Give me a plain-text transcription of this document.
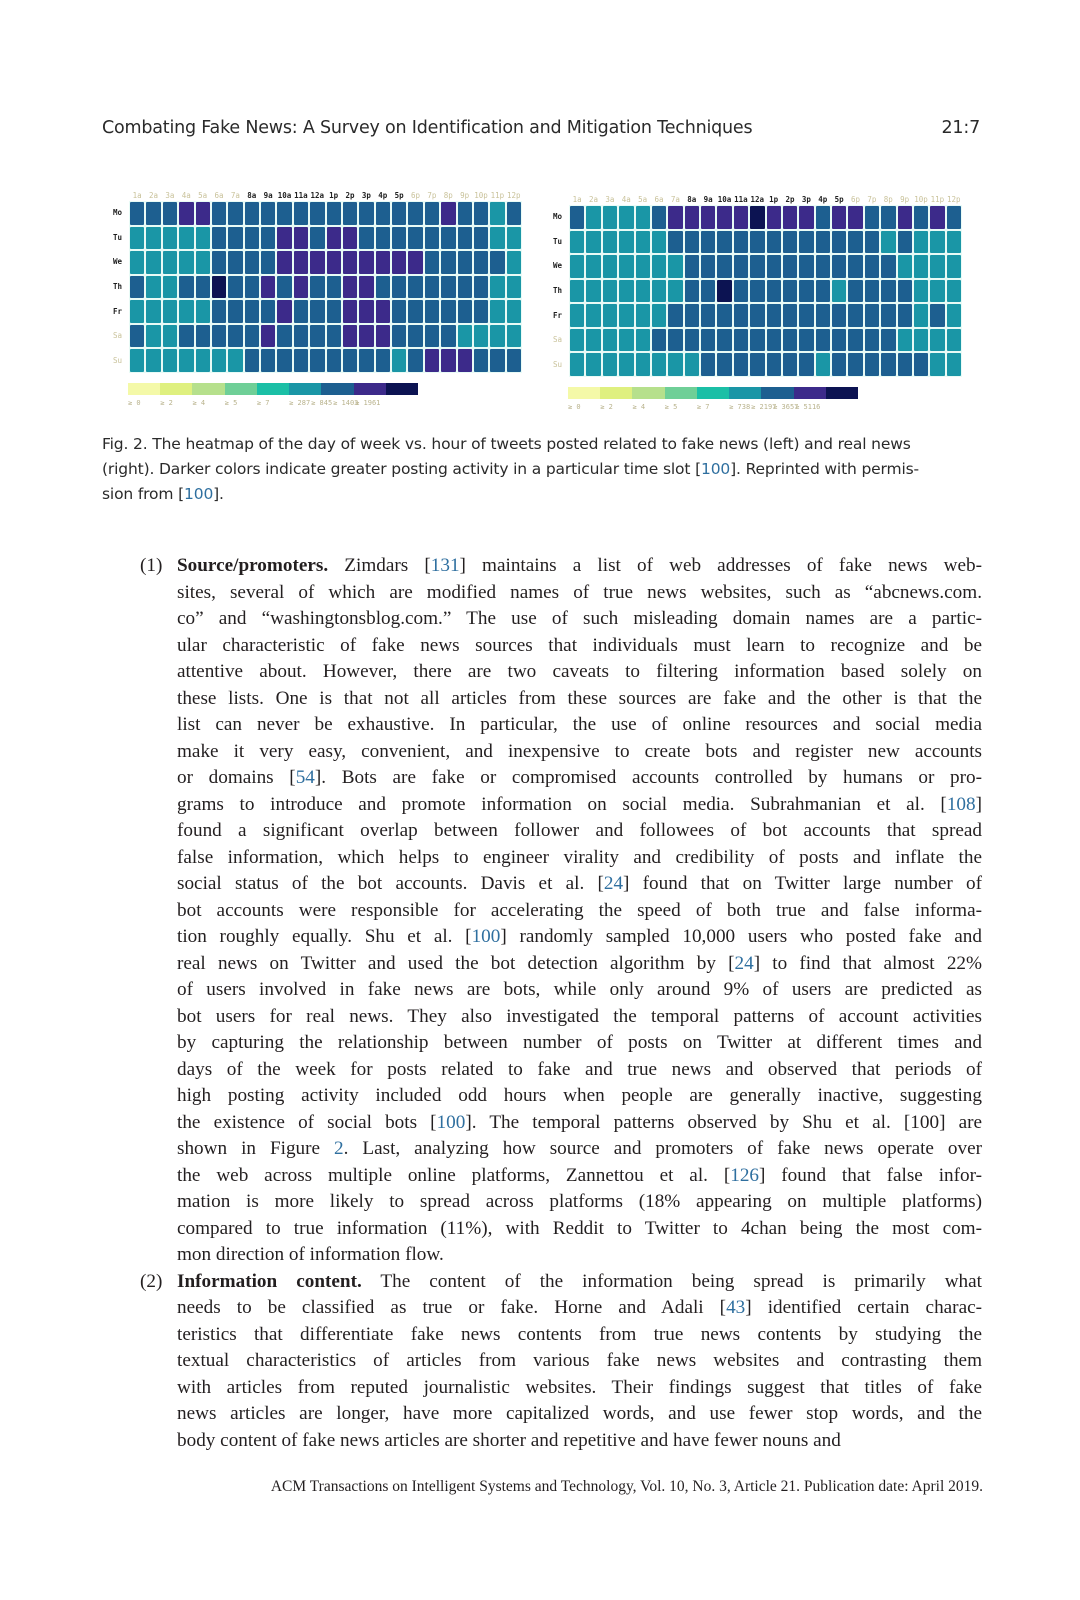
Combating Fake News: A Survey on Identification and Mitigation Techniques	21:7
1a 2a 3a 4a 5a 6a 7a 8a 9a 10a 11a 12a 1p 2p 3p 4p 5p 6p 7p 8p 9p 10p 11p 12p
Mo
Tu
We
Th
Fr
Sa
Su
≥ 0	≥ 2	≥ 4	≥ 5	≥ 7	≥ 287 ≥ 845 ≥ 1403
≥ 1961
1a 2a 3a 4a 5a 6a 7a 8a 9a 10a 11a 12a 1p 2p 3p 4p 5p 6p 7p 8p 9p 10p 11p 12p
Mo
Tu
We
Th
Fr
Sa
Su
≥ 0	≥ 2	≥ 4	≥ 5	≥ 7	≥ 738 ≥ 2197
≥ 3657
≥ 5116
Fig. 2. The heatmap of the day of week vs. hour of tweets posted related to fake news (left) and real news
(right). Darker colors indicate greater posting activity in a particular time slot [100]. Reprinted with permis-
sion from [100].
(1) Source/promoters. Zimdars [131] maintains a list of web addresses of fake news web-
sites, several of which are modified names of true news websites, such as “abcnews.com.
co” and “washingtonsblog.com.” The use of such misleading domain names are a partic-
ular characteristic of fake news sources that individuals must learn to recognize and be
attentive about. However, there are two caveats to filtering information based solely on
these lists. One is that not all articles from these sources are fake and the other is that the
list can never be exhaustive. In particular, the use of online resources and social media
make it very easy, convenient, and inexpensive to create bots and register new accounts
or domains [54]. Bots are fake or compromised accounts controlled by humans or pro-
grams to introduce and promote information on social media. Subrahmanian et al. [108]
found a significant overlap between follower and followees of bot accounts that spread
false information, which helps to engineer virality and credibility of posts and inflate the
social status of the bot accounts. Davis et al. [24] found that on Twitter large number of
bot accounts were responsible for accelerating the speed of both true and false informa-
tion roughly equally. Shu et al. [100] randomly sampled 10,000 users who posted fake and
real news on Twitter and used the bot detection algorithm by [24] to find that almost 22%
of users involved in fake news are bots, while only around 9% of users are predicted as
bot users for real news. They also investigated the temporal patterns of account activities
by capturing the relationship between number of posts on Twitter at different times and
days of the week for posts related to fake and true news and observed that periods of
high posting activity included odd hours when people are generally inactive, suggesting
the existence of social bots [100]. The temporal patterns observed by Shu et al. [100] are
shown in Figure 2. Last, analyzing how source and promoters of fake news operate over
the web across multiple online platforms, Zannettou et al. [126] found that false infor-
mation is more likely to spread across platforms (18% appearing on multiple platforms)
compared to true information (11%), with Reddit to Twitter to 4chan being the most com-
mon direction of information flow.
(2) Information content. The content of the information being spread is primarily what
needs to be classified as true or fake. Horne and Adali [43] identified certain charac-
teristics that differentiate fake news contents from true news contents by studying the
textual characteristics of articles from various fake news websites and contrasting them
with articles from reputed journalistic websites. Their findings suggest that titles of fake
news articles are longer, have more capitalized words, and use fewer stop words, and the
body content of fake news articles are shorter and repetitive and have fewer nouns and
ACM Transactions on Intelligent Systems and Technology, Vol. 10, No. 3, Article 21. Publication date: April 2019.
